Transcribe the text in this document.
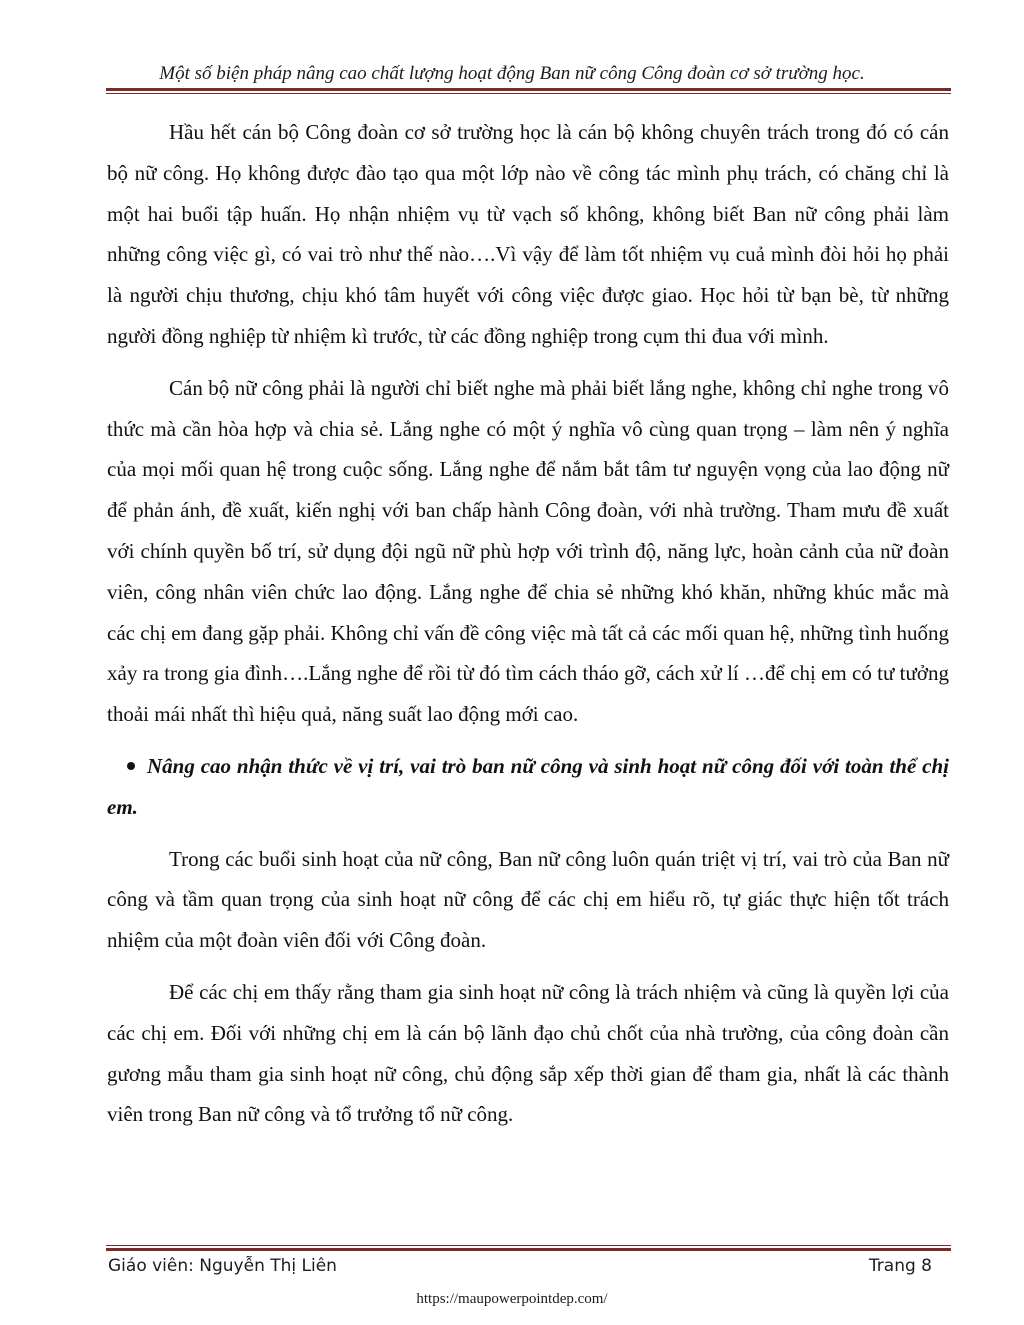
Một số biện pháp nâng cao chất lượng hoạt động Ban nữ công Công đoàn cơ sở trường học.

Hầu hết cán bộ Công đoàn cơ sở trường học là cán bộ không chuyên trách trong đó có cán bộ nữ công. Họ không được đào tạo qua một lớp nào về công tác mình phụ trách, có chăng chỉ là một hai buổi tập huấn. Họ nhận nhiệm vụ từ vạch số không, không biết Ban nữ công phải làm những công việc gì, có vai trò như thế nào….Vì vậy để làm tốt nhiệm vụ cuả mình đòi hỏi họ phải là người chịu thương, chịu khó tâm huyết với công việc được giao. Học hỏi từ bạn bè, từ những người đồng nghiệp từ nhiệm kì trước, từ các đồng nghiệp trong cụm thi đua với mình.

Cán bộ nữ công phải là người chỉ biết nghe mà phải biết lắng nghe, không chỉ nghe trong vô thức mà cần hòa hợp và chia sẻ. Lắng nghe có một ý nghĩa vô cùng quan trọng – làm nên ý nghĩa của mọi mối quan hệ trong cuộc sống. Lắng nghe để nắm bắt tâm tư nguyện vọng của lao động nữ để phản ánh, đề xuất, kiến nghị với ban chấp hành Công đoàn, với nhà trường. Tham mưu đề xuất với chính quyền bố trí, sử dụng đội ngũ nữ phù hợp với trình độ, năng lực, hoàn cảnh của nữ đoàn viên, công nhân viên chức lao động. Lắng nghe để chia sẻ những khó khăn, những khúc mắc mà các chị em đang gặp phải. Không chỉ vấn đề công việc mà tất cả các mối quan hệ, những tình huống xảy ra trong gia đình….Lắng nghe để rồi từ đó tìm cách tháo gỡ, cách xử lí …để chị em có tư tưởng thoải mái nhất thì hiệu quả, năng suất lao động mới cao.

Nâng cao nhận thức về vị trí, vai trò ban nữ công và sinh hoạt nữ công đối với toàn thể chị em.

Trong các buổi sinh hoạt của nữ công, Ban nữ công luôn quán triệt vị trí, vai trò của Ban nữ công và tầm quan trọng của sinh hoạt nữ công để các chị em hiểu rõ, tự giác thực hiện tốt trách nhiệm của một đoàn viên đối với Công đoàn.

Để các chị em thấy rằng tham gia sinh hoạt nữ công là trách nhiệm và cũng là quyền lợi của các chị em. Đối với những chị em là cán bộ lãnh đạo chủ chốt của nhà trường, của công đoàn cần gương mẫu tham gia sinh hoạt nữ công, chủ động sắp xếp thời gian để tham gia, nhất là các thành viên trong Ban nữ công và tổ trưởng tổ nữ công.

Giáo viên: Nguyễn Thị Liên	Trang 8
https://maupowerpointdep.com/
